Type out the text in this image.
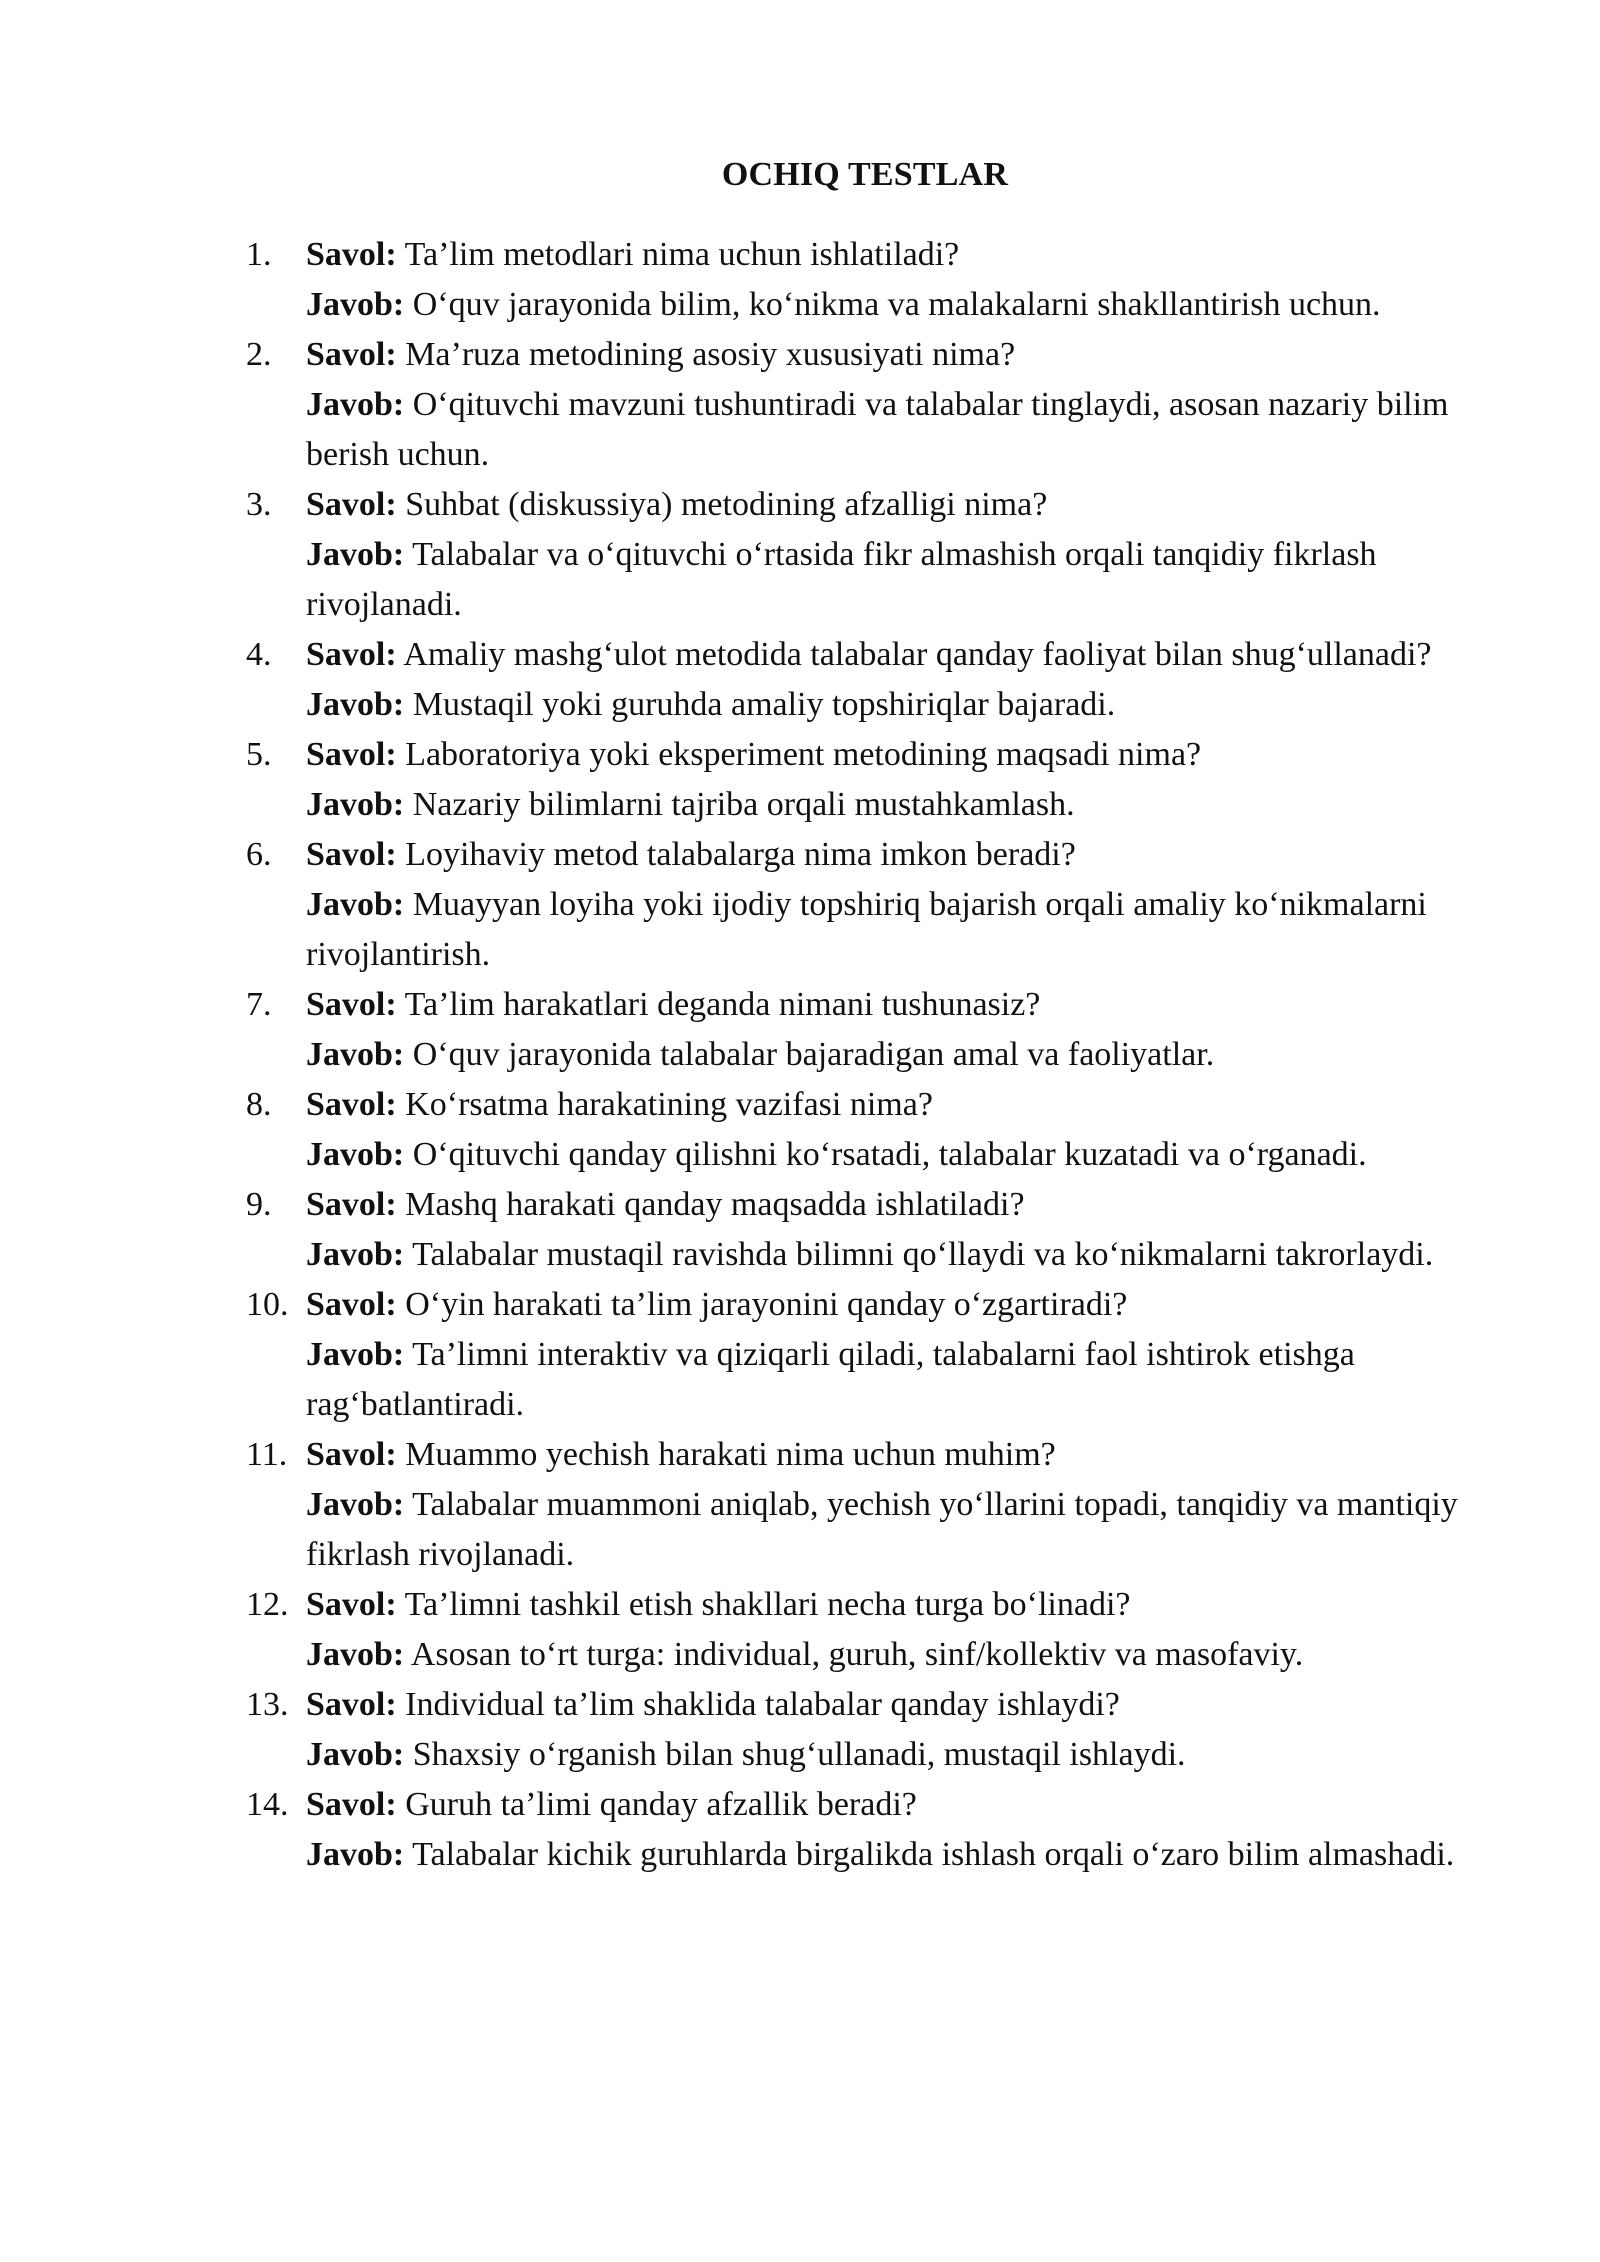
OCHIQ TESTLAR
1.	Savol: Ta’lim metodlari nima uchun ishlatiladi?
Javob: O‘quv jarayonida bilim, ko‘nikma va malakalarni shakllantirish uchun.
2.	Savol: Ma’ruza metodining asosiy xususiyati nima?
Javob: O‘qituvchi mavzuni tushuntiradi va talabalar tinglaydi, asosan nazariy bilim berish uchun.
3.	Savol: Suhbat (diskussiya) metodining afzalligi nima?
Javob: Talabalar va o‘qituvchi o‘rtasida fikr almashish orqali tanqidiy fikrlash rivojlanadi.
4.	Savol: Amaliy mashg‘ulot metodida talabalar qanday faoliyat bilan shug‘ullanadi?
Javob: Mustaqil yoki guruhda amaliy topshiriqlar bajaradi.
5.	Savol: Laboratoriya yoki eksperiment metodining maqsadi nima?
Javob: Nazariy bilimlarni tajriba orqali mustahkamlash.
6.	Savol: Loyihaviy metod talabalarga nima imkon beradi?
Javob: Muayyan loyiha yoki ijodiy topshiriq bajarish orqali amaliy ko‘nikmalarni rivojlantirish.
7.	Savol: Ta’lim harakatlari deganda nimani tushunasiz?
Javob: O‘quv jarayonida talabalar bajaradigan amal va faoliyatlar.
8.	Savol: Ko‘rsatma harakatining vazifasi nima?
Javob: O‘qituvchi qanday qilishni ko‘rsatadi, talabalar kuzatadi va o‘rganadi.
9.	Savol: Mashq harakati qanday maqsadda ishlatiladi?
Javob: Talabalar mustaqil ravishda bilimni qo‘llaydi va ko‘nikmalarni takrorlaydi.
10. Savol: O‘yin harakati ta’lim jarayonini qanday o‘zgartiradi?
Javob: Ta’limni interaktiv va qiziqarli qiladi, talabalarni faol ishtirok etishga rag‘batlantiradi.
11. Savol: Muammo yechish harakati nima uchun muhim?
Javob: Talabalar muammoni aniqlab, yechish yo‘llarini topadi, tanqidiy va mantiqiy fikrlash rivojlanadi.
12. Savol: Ta’limni tashkil etish shakllari necha turga bo‘linadi?
Javob: Asosan to‘rt turga: individual, guruh, sinf/kollektiv va masofaviy.
13. Savol: Individual ta’lim shaklida talabalar qanday ishlaydi?
Javob: Shaxsiy o‘rganish bilan shug‘ullanadi, mustaqil ishlaydi.
14. Savol: Guruh ta’limi qanday afzallik beradi?
Javob: Talabalar kichik guruhlarda birgalikda ishlash orqali o‘zaro bilim almashadi.
